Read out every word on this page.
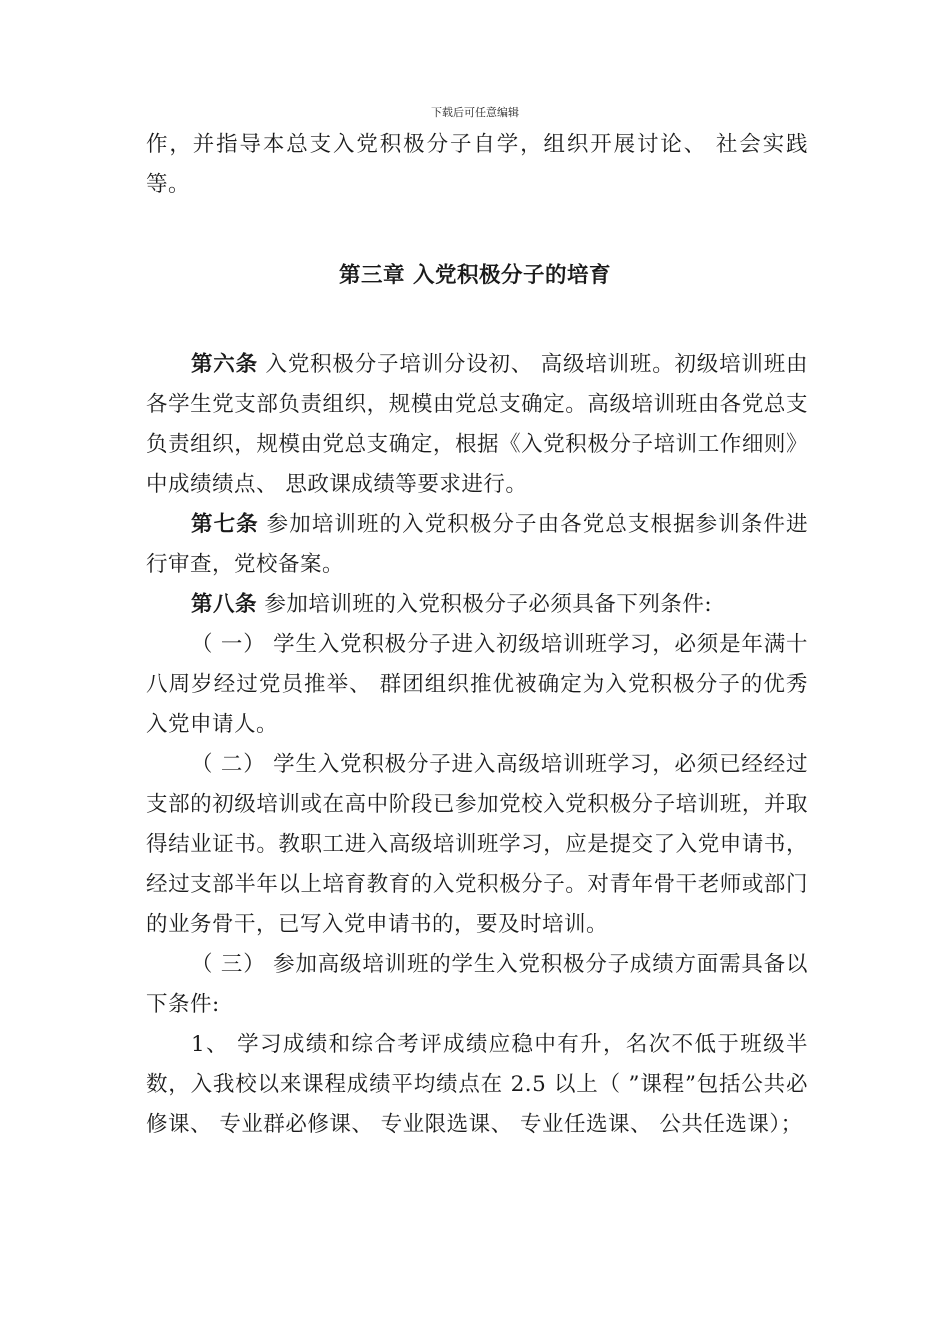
下载后可任意编辑

作，并指导本总支入党积极分子自学，组织开展讨论、 社会实践等。

第三章 入党积极分子的培育

第六条 入党积极分子培训分设初、 高级培训班。初级培训班由各学生党支部负责组织，规模由党总支确定。高级培训班由各党总支负责组织，规模由党总支确定，根据《入党积极分子培训工作细则》中成绩绩点、 思政课成绩等要求进行。

第七条 参加培训班的入党积极分子由各党总支根据参训条件进行审查，党校备案。

第八条 参加培训班的入党积极分子必须具备下列条件:

（ 一） 学生入党积极分子进入初级培训班学习，必须是年满十八周岁经过党员推举、 群团组织推优被确定为入党积极分子的优秀入党申请人。

（ 二） 学生入党积极分子进入高级培训班学习，必须已经经过支部的初级培训或在高中阶段已参加党校入党积极分子培训班，并取得结业证书。教职工进入高级培训班学习，应是提交了入党申请书，经过支部半年以上培育教育的入党积极分子。对青年骨干老师或部门的业务骨干，已写入党申请书的，要及时培训。

（ 三） 参加高级培训班的学生入党积极分子成绩方面需具备以下条件:

1、 学习成绩和综合考评成绩应稳中有升，名次不低于班级半数，入我校以来课程成绩平均绩点在 2.5 以上（ ”课程”包括公共必修课、 专业群必修课、 专业限选课、 专业任选课、 公共任选课）；
